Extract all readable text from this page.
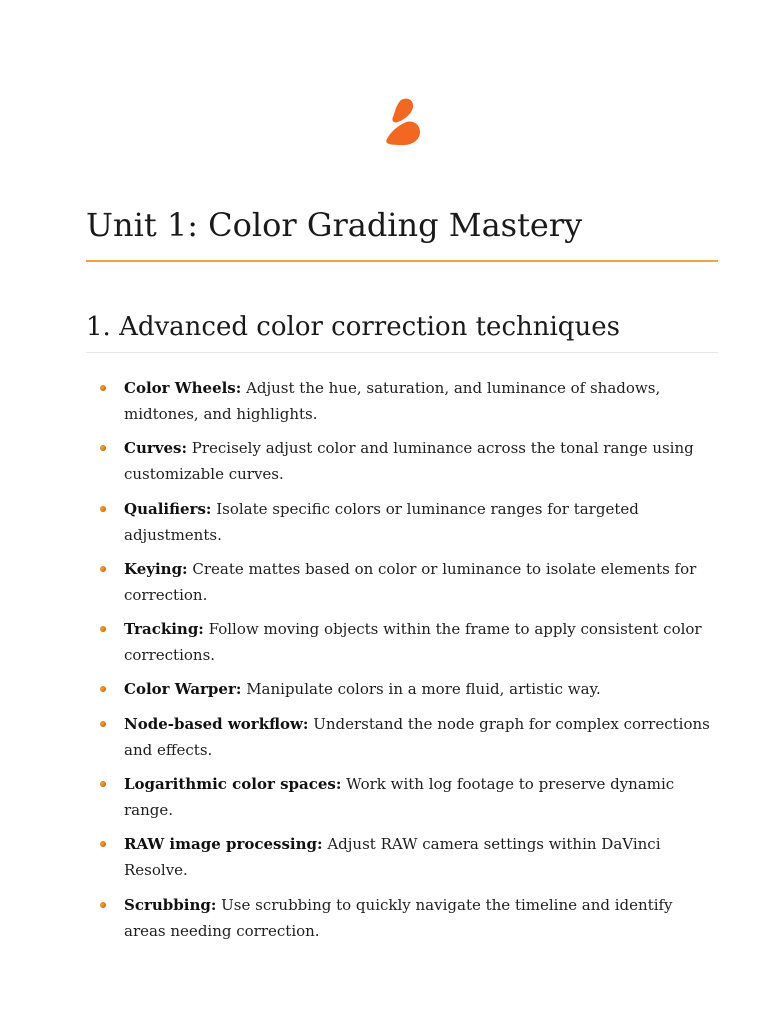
Unit 1: Color Grading Mastery
1. Advanced color correction techniques
Color Wheels: Adjust the hue, saturation, and luminance of shadows, midtones, and highlights.
Curves: Precisely adjust color and luminance across the tonal range using customizable curves.
Qualifiers: Isolate specific colors or luminance ranges for targeted adjustments.
Keying: Create mattes based on color or luminance to isolate elements for correction.
Tracking: Follow moving objects within the frame to apply consistent color corrections.
Color Warper: Manipulate colors in a more fluid, artistic way.
Node-based workflow: Understand the node graph for complex corrections and effects.
Logarithmic color spaces: Work with log footage to preserve dynamic range.
RAW image processing: Adjust RAW camera settings within DaVinci Resolve.
Scrubbing: Use scrubbing to quickly navigate the timeline and identify areas needing correction.
